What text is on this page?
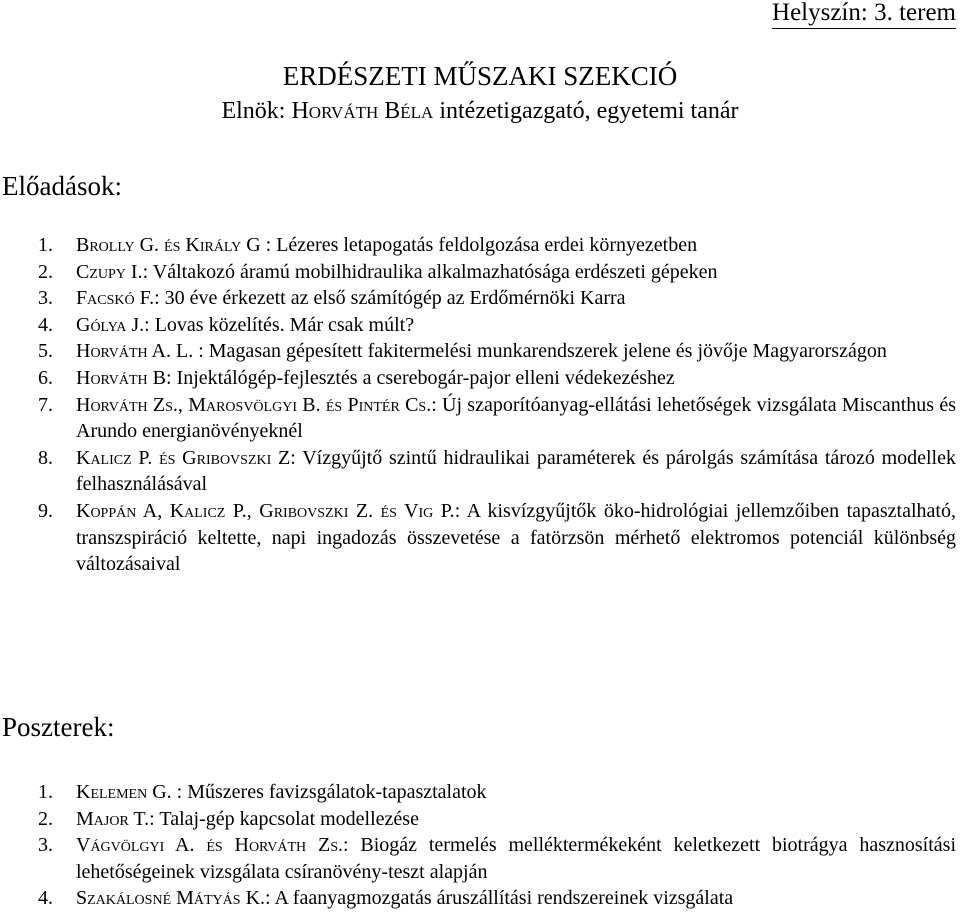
Helyszín: 3. terem
ERDÉSZETI MŰSZAKI SZEKCIÓ
Elnök: Horváth Béla intézetigazgató, egyetemi tanár
Előadások:
1.	Brolly G. és Király G : Lézeres letapogatás feldolgozása erdei környezetben
2.	Czupy I.: Váltakozó áramú mobilhidraulika alkalmazhatósága erdészeti gépeken
3.	Facskó F.: 30 éve érkezett az első számítógép az Erdőmérnöki Karra
4.	Gólya J.: Lovas közelítés. Már csak múlt?
5.	Horváth A. L. : Magasan gépesített fakitermelési munkarendszerek jelene és jövője Magyarországon
6.	Horváth B: Injektálógép-fejlesztés a cserebogár-pajor elleni védekezéshez
7.	Horváth Zs., Marosvölgyi B. és Pintér Cs.: Új szaporítóanyag-ellátási lehetőségek vizsgálata Miscanthus és Arundo energianövényeknél
8.	Kalicz P. és Gribovszki Z: Vízgyűjtő szintű hidraulikai paraméterek és párolgás számítása tározó modellek felhasználásával
9.	Koppán A, Kalicz P., Gribovszki Z. és Vig P.: A kisvízgyűjtők öko-hidrológiai jellemzőiben tapasztalható, transzspiráció keltette, napi ingadozás összevetése a fatörzsön mérhető elektromos potenciál különbség változásaival
Poszterek:
1.	Kelemen G. : Műszeres favizsgálatok-tapasztalatok
2.	Major T.: Talaj-gép kapcsolat modellezése
3.	Vágvölgyi A. és Horváth Zs.: Biogáz termelés melléktermékeként keletkezett biotrágya hasznosítási lehetőségeinek vizsgálata csíranövény-teszt alapján
4.	Szakálosné Mátyás K.: A faanyagmozgatás áruszállítási rendszereinek vizsgálata
